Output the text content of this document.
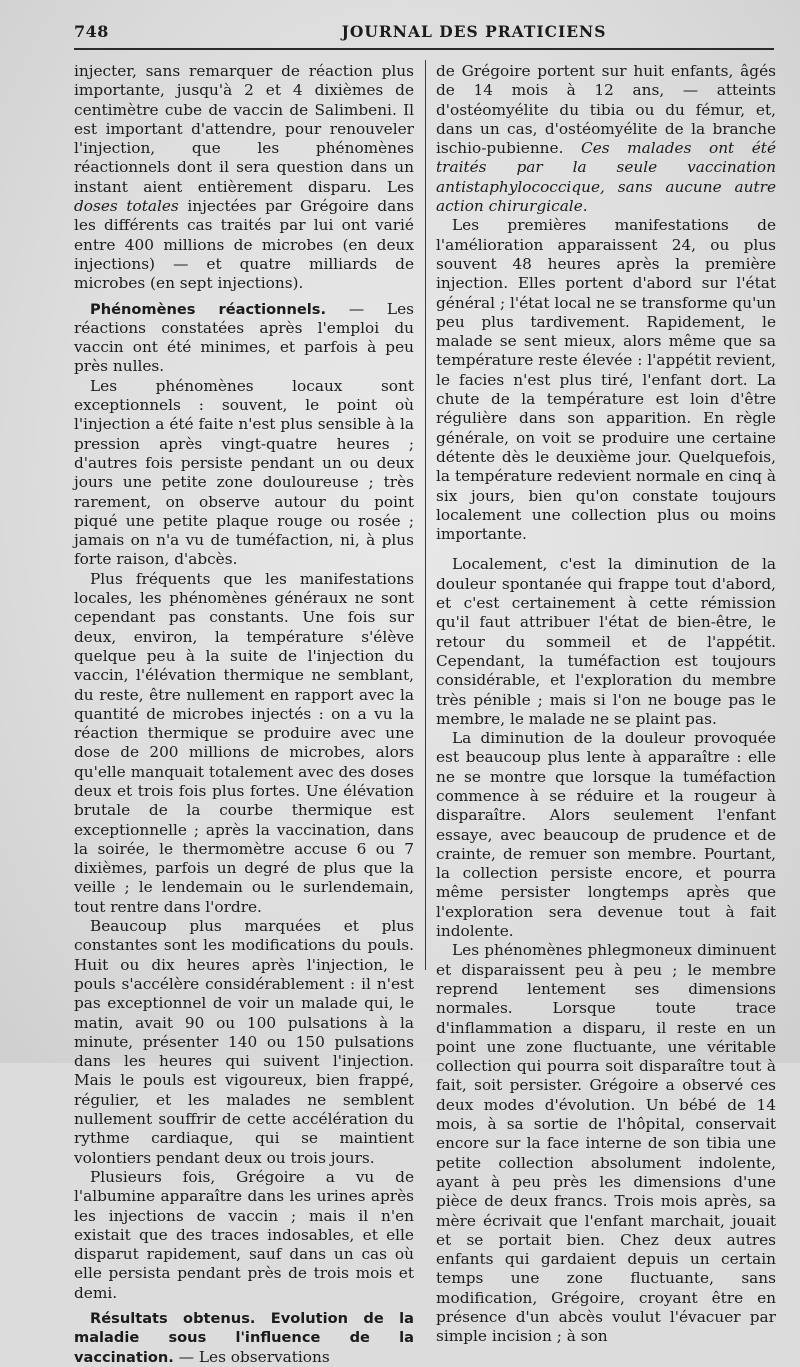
748	JOURNAL DES PRATICIENS

injecter, sans remarquer de réaction plus importante, jusqu'à 2 et 4 dixièmes de centimètre cube de vaccin de Salimbeni. Il est important d'attendre, pour renouveler l'injection, que les phénomènes réactionnels dont il sera question dans un instant aient entièrement disparu. Les doses totales injectées par Grégoire dans les différents cas traités par lui ont varié entre 400 millions de microbes (en deux injections) — et quatre milliards de microbes (en sept injections).

Phénomènes réactionnels. — Les réactions constatées après l'emploi du vaccin ont été minimes, et parfois à peu près nulles.

Les phénomènes locaux sont exceptionnels : souvent, le point où l'injection a été faite n'est plus sensible à la pression après vingt-quatre heures ; d'autres fois persiste pendant un ou deux jours une petite zone douloureuse ; très rarement, on observe autour du point piqué une petite plaque rouge ou rosée ; jamais on n'a vu de tuméfaction, ni, à plus forte raison, d'abcès.

Plus fréquents que les manifestations locales, les phénomènes généraux ne sont cependant pas constants. Une fois sur deux, environ, la température s'élève quelque peu à la suite de l'injection du vaccin, l'élévation thermique ne semblant, du reste, être nullement en rapport avec la quantité de microbes injectés : on a vu la réaction thermique se produire avec une dose de 200 millions de microbes, alors qu'elle manquait totalement avec des doses deux et trois fois plus fortes. Une élévation brutale de la courbe thermique est exceptionnelle ; après la vaccination, dans la soirée, le thermomètre accuse 6 ou 7 dixièmes, parfois un degré de plus que la veille ; le lendemain ou le surlendemain, tout rentre dans l'ordre.

Beaucoup plus marquées et plus constantes sont les modifications du pouls. Huit ou dix heures après l'injection, le pouls s'accélère considérablement : il n'est pas exceptionnel de voir un malade qui, le matin, avait 90 ou 100 pulsations à la minute, présenter 140 ou 150 pulsations dans les heures qui suivent l'injection. Mais le pouls est vigoureux, bien frappé, régulier, et les malades ne semblent nullement souffrir de cette accélération du rythme cardiaque, qui se maintient volontiers pendant deux ou trois jours.

Plusieurs fois, Grégoire a vu de l'albumine apparaître dans les urines après les injections de vaccin ; mais il n'en existait que des traces indosables, et elle disparut rapidement, sauf dans un cas où elle persista pendant près de trois mois et demi.

Résultats obtenus. Evolution de la maladie sous l'influence de la vaccination. — Les observations

de Grégoire portent sur huit enfants, âgés de 14 mois à 12 ans, — atteints d'ostéomyélite du tibia ou du fémur, et, dans un cas, d'ostéomyélite de la branche ischio-pubienne. Ces malades ont été traités par la seule vaccination antistaphylococcique, sans aucune autre action chirurgicale.

Les premières manifestations de l'amélioration apparaissent 24, ou plus souvent 48 heures après la première injection. Elles portent d'abord sur l'état général ; l'état local ne se transforme qu'un peu plus tardivement. Rapidement, le malade se sent mieux, alors même que sa température reste élevée : l'appétit revient, le facies n'est plus tiré, l'enfant dort. La chute de la température est loin d'être régulière dans son apparition. En règle générale, on voit se produire une certaine détente dès le deuxième jour. Quelquefois, la température redevient normale en cinq à six jours, bien qu'on constate toujours localement une collection plus ou moins importante.

Localement, c'est la diminution de la douleur spontanée qui frappe tout d'abord, et c'est certainement à cette rémission qu'il faut attribuer l'état de bien-être, le retour du sommeil et de l'appétit. Cependant, la tuméfaction est toujours considérable, et l'exploration du membre très pénible ; mais si l'on ne bouge pas le membre, le malade ne se plaint pas.

La diminution de la douleur provoquée est beaucoup plus lente à apparaître : elle ne se montre que lorsque la tuméfaction commence à se réduire et la rougeur à disparaître. Alors seulement l'enfant essaye, avec beaucoup de prudence et de crainte, de remuer son membre. Pourtant, la collection persiste encore, et pourra même persister longtemps après que l'exploration sera devenue tout à fait indolente.

Les phénomènes phlegmoneux diminuent et disparaissent peu à peu ; le membre reprend lentement ses dimensions normales. Lorsque toute trace d'inflammation a disparu, il reste en un point une zone fluctuante, une véritable collection qui pourra soit disparaître tout à fait, soit persister. Grégoire a observé ces deux modes d'évolution. Un bébé de 14 mois, à sa sortie de l'hôpital, conservait encore sur la face interne de son tibia une petite collection absolument indolente, ayant à peu près les dimensions d'une pièce de deux francs. Trois mois après, sa mère écrivait que l'enfant marchait, jouait et se portait bien. Chez deux autres enfants qui gardaient depuis un certain temps une zone fluctuante, sans modification, Grégoire, croyant être en présence d'un abcès voulut l'évacuer par simple incision ; à son
